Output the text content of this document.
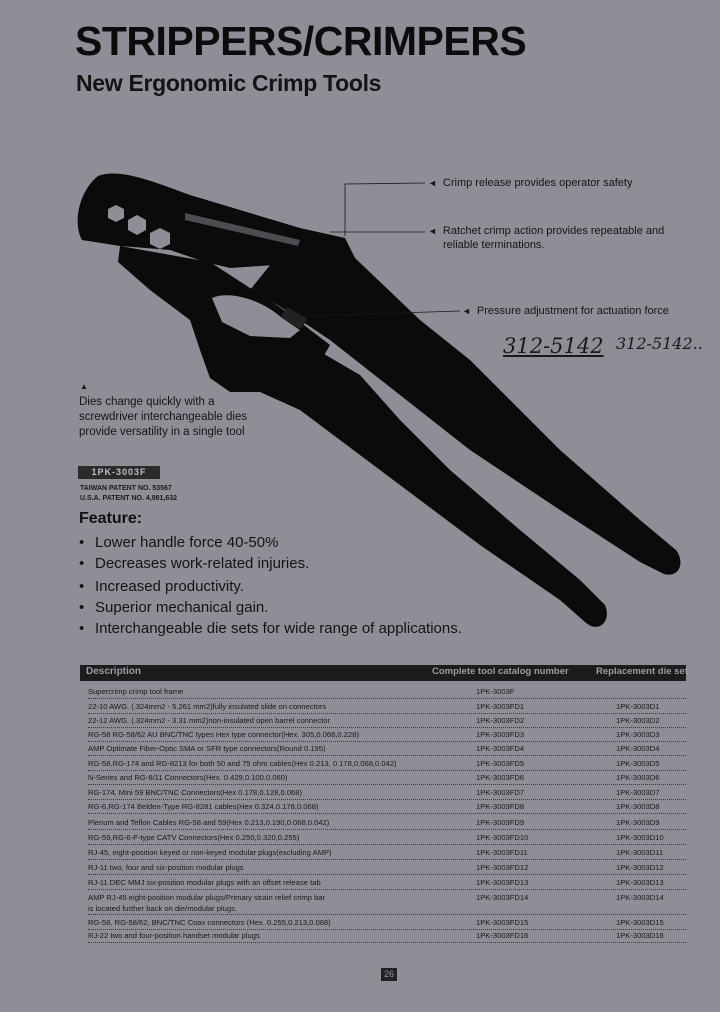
STRIPPERS/CRIMPERS
New Ergonomic Crimp Tools
◄ Crimp release provides operator safety
◄ Ratchet crimp action provides repeatable and
reliable terminations.
◄ Pressure adjustment for actuation force
312-5142 312-5142..
▲
Dies change quickly with a
screwdriver interchangeable dies
provide versatility in a single tool
1PK-3003F
TAIWAN PATENT NO. 53567
U.S.A. PATENT NO. 4,981,632
Feature:
• Lower handle force 40-50%
• Decreases work-related injuries.
• Increased productivity.
• Superior mechanical gain.
• Interchangeable die sets for wide range of applications.
Description	Complete tool catalog number	Replacement die set
Supercrimp crimp tool frame	1PK-3003F
22-10 AWG. (.324mm2 - 5.261 mm2)fully insulated slide on connectors	1PK-3003FD1	1PK-3003D1
22-12 AWG. (.324mm2 - 3.31 mm2)non-insulated open barrel connector	1PK-3003FD2	1PK-3003D2
RG-58 RG-58/62 AU BNC/TNC types Hex type connector(Hex. 305,0.068,0.228)	1PK-3003FD3	1PK-3003D3
AMP Optimate Fiber-Optic SMA or SFR type connectors(Round 0.195)	1PK-3003FD4	1PK-3003D4
RG-58,RG-174 and RG-8213 for both 50 and 75 ohm cables(Hex 0.213, 0.178,0.068,0.042)	1PK-3003FD5	1PK-3003D5
N-Series and RG-8/11 Connectors(Hex. 0.429,0.100,0.060)	1PK-3003FD6	1PK-3003D6
RG-174, Mini 59 BNC/TNC Connectors(Hex 0.178,0.128,0.068)	1PK-3003FD7	1PK-3003D7
RG-6,RG-174 Belden-Type RG-8281 cables(Hex 0.324,0.178,0.068)	1PK-3003FD8	1PK-3003D8
Plenum and Teflon Cables RG-58 and 59(Hex 0.213,0.190,0.068,0.042)	1PK-3003FD9	1PK-3003D9
RG-59,RG-6-F-type CATV Connectors(Hex 0.250,0.320,0.255)	1PK-3003FD10	1PK-3003D10
RJ-45, eight-position keyed or non-keyed modular plugs(excluding AMP)	1PK-3003FD11	1PK-3003D11
RJ-11 two, four and six-position modular plugs	1PK-3003FD12	1PK-3003D12
RJ-11 DEC MMJ six-position modular plugs with an offset release tab	1PK-3003FD13	1PK-3003D13
AMP RJ-45 eight-position modular plugs/Primary strain relief crimp bar
is located further back on die/modular plugs.
1PK-3003FD14	1PK-3003D14
RG-58, RG-58/62, BNC/TNC Coax connectors (Hex. 0.255,0.213,0.068)	1PK-3003FD15	1PK-3003D15
RJ-22 two and four-position handset modular plugs	1PK-3003FD16	1PK-3003D16
26
